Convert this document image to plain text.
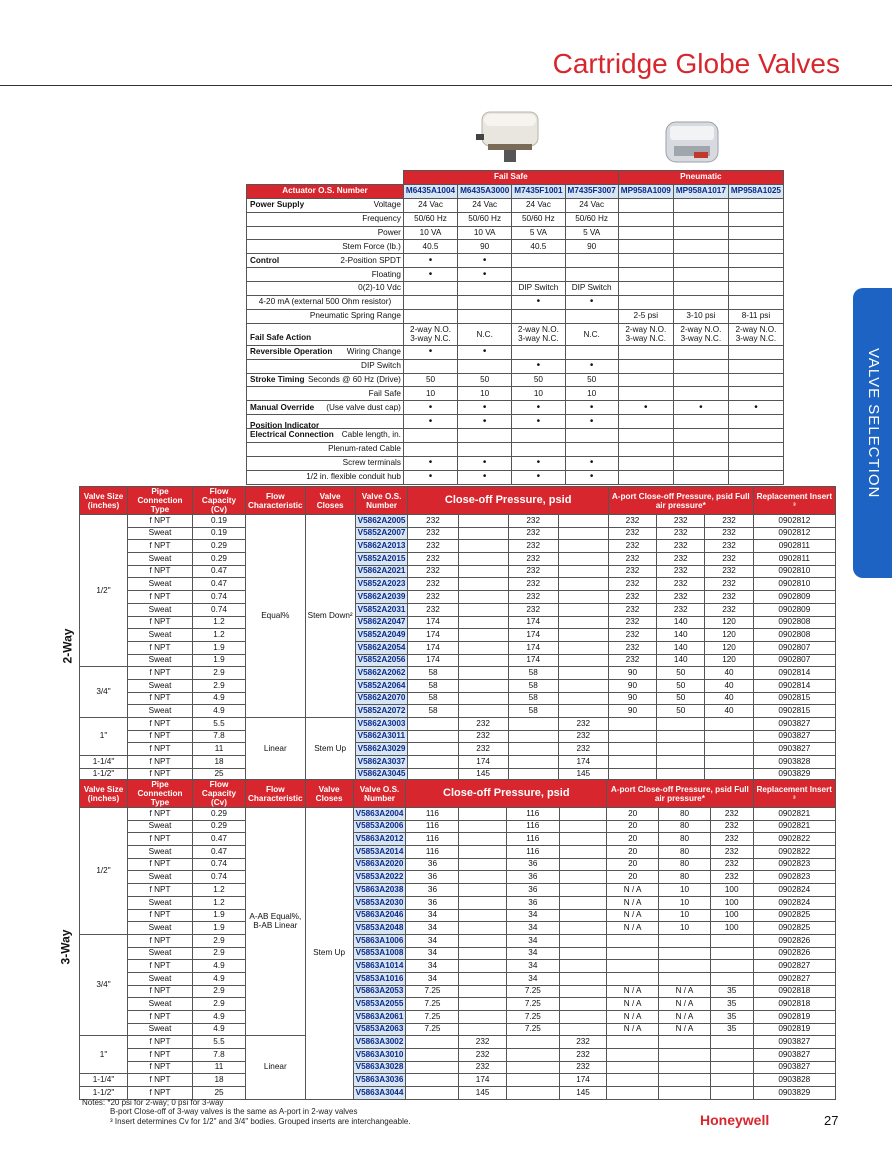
Cartridge Globe Valves
VALVE SELECTION
	Fail Safe				Pneumatic		
Actuator O.S. Number	M6435A1004	M6435A3000	M7435F1001	M7435F3007	MP958A1009	MP958A1017	MP958A1025

Power Supply Voltage	24 Vac	24 Vac	24 Vac	24 Vac			

Frequency	50/60 Hz	50/60 Hz	50/60 Hz	50/60 Hz			

Power	10 VA	10 VA	5 VA	5 VA			

Stem Force (lb.)	40.5	90	40.5	90			

Control 2-Position SPDT	•	•					

Floating	•	•					

0(2)-10 Vdc			DIP Switch	DIP Switch			
4-20 mA (external 500 Ohm resistor)			•	•			

Pneumatic Spring Range					2-5 psi	3-10 psi	8-11 psi

Fail Safe Action	2-way N.O. 3-way N.C.	N.C.	2-way N.O. 3-way N.C.	N.C.	2-way N.O. 3-way N.C.	2-way N.O. 3-way N.C.	2-way N.O. 3-way N.C.

Reversible Operation Wiring Change	•	•					

DIP Switch			•	•			

Stroke Timing Seconds @ 60 Hz (Drive)	50	50	50	50			

Fail Safe	10	10	10	10			

Manual Override (Use valve dust cap)	•	•	•	•	•	•	•

Position Indicator	•	•	•	•			

Electrical Connection Cable length, in.							

Plenum-rated Cable							

Screw terminals	•	•	•	•			

1/2 in. flexible conduit hub	•	•	•	•			
Valve Size (inches)	Pipe Connection Type	Flow Capacity (Cv)	Flow Characteristic	Valve Closes	Valve O.S. Number	Close-off Pressure, psid				A-port Close-off Pressure, psid Full air pressure*			Replacement Insert ³
1/2"	f NPT	0.19	Equal%	Stem Down²	V5862A2005	232		232		232	232	232	0902812
	Sweat	0.19			V5852A2007	232		232		232	232	232	0902812
	f NPT	0.29			V5862A2013	232		232		232	232	232	0902811
	Sweat	0.29			V5852A2015	232		232		232	232	232	0902811
	f NPT	0.47			V5862A2021	232		232		232	232	232	0902810
	Sweat	0.47			V5852A2023	232		232		232	232	232	0902810
	f NPT	0.74			V5862A2039	232		232		232	232	232	0902809
	Sweat	0.74			V5852A2031	232		232		232	232	232	0902809
	f NPT	1.2			V5862A2047	174		174		232	140	120	0902808
	Sweat	1.2			V5852A2049	174		174		232	140	120	0902808
	f NPT	1.9			V5862A2054	174		174		232	140	120	0902807
	Sweat	1.9			V5852A2056	174		174		232	140	120	0902807
3/4"	f NPT	2.9			V5862A2062	58		58		90	50	40	0902814
	Sweat	2.9			V5852A2064	58		58		90	50	40	0902814
	f NPT	4.9			V5862A2070	58		58		90	50	40	0902815
	Sweat	4.9			V5852A2072	58		58		90	50	40	0902815
1"	f NPT	5.5	Linear	Stem Up	V5862A3003		232		232				0903827
	f NPT	7.8			V5862A3011		232		232				0903827
	f NPT	11			V5862A3029		232		232				0903827
1-1/4"	f NPT	18			V5862A3037		174		174				0903828
1-1/2"	f NPT	25			V5862A3045		145		145				0903829
Valve Size (inches)	Pipe Connection Type	Flow Capacity (Cv)	Flow Characteristic	Valve Closes	Valve O.S. Number	Close-off Pressure, psid				A-port Close-off Pressure, psid Full air pressure*			Replacement Insert ³
1/2"	f NPT	0.29	A-AB Equal%, B-AB Linear	Stem Up	V5863A2004	116		116		20	80	232	0902821
	Sweat	0.29			V5853A2006	116		116		20	80	232	0902821
	f NPT	0.47			V5863A2012	116		116		20	80	232	0902822
	Sweat	0.47			V5853A2014	116		116		20	80	232	0902822
	f NPT	0.74			V5863A2020	36		36		20	80	232	0902823
	Sweat	0.74			V5853A2022	36		36		20	80	232	0902823
	f NPT	1.2			V5863A2038	36		36		N / A	10	100	0902824
	Sweat	1.2			V5853A2030	36		36		N / A	10	100	0902824
	f NPT	1.9			V5863A2046	34		34		N / A	10	100	0902825
	Sweat	1.9			V5853A2048	34		34		N / A	10	100	0902825
3/4"	f NPT	2.9			V5863A1006	34		34					0902826
	Sweat	2.9			V5853A1008	34		34					0902826
	f NPT	4.9			V5863A1014	34		34					0902827
	Sweat	4.9			V5853A1016	34		34					0902827
	f NPT	2.9			V5863A2053	7.25		7.25		N / A	N / A	35	0902818
	Sweat	2.9			V5853A2055	7.25		7.25		N / A	N / A	35	0902818
	f NPT	4.9			V5863A2061	7.25		7.25		N / A	N / A	35	0902819
	Sweat	4.9			V5853A2063	7.25		7.25		N / A	N / A	35	0902819
1"	f NPT	5.5	Linear		V5863A3002		232		232				0903827
	f NPT	7.8			V5863A3010		232		232				0903827
	f NPT	11			V5863A3028		232		232				0903827
1-1/4"	f NPT	18			V5863A3036		174		174				0903828
1-1/2"	f NPT	25			V5863A3044		145		145				0903829
2-Way
3-Way
Notes: *20 psi for 2-way; 0 psi for 3-way
B-port Close-off of 3-way valves is the same as A-port in 2-way valves
³ Insert determines Cv for 1/2" and 3/4" bodies. Grouped inserts are interchangeable.	Honeywell	27
